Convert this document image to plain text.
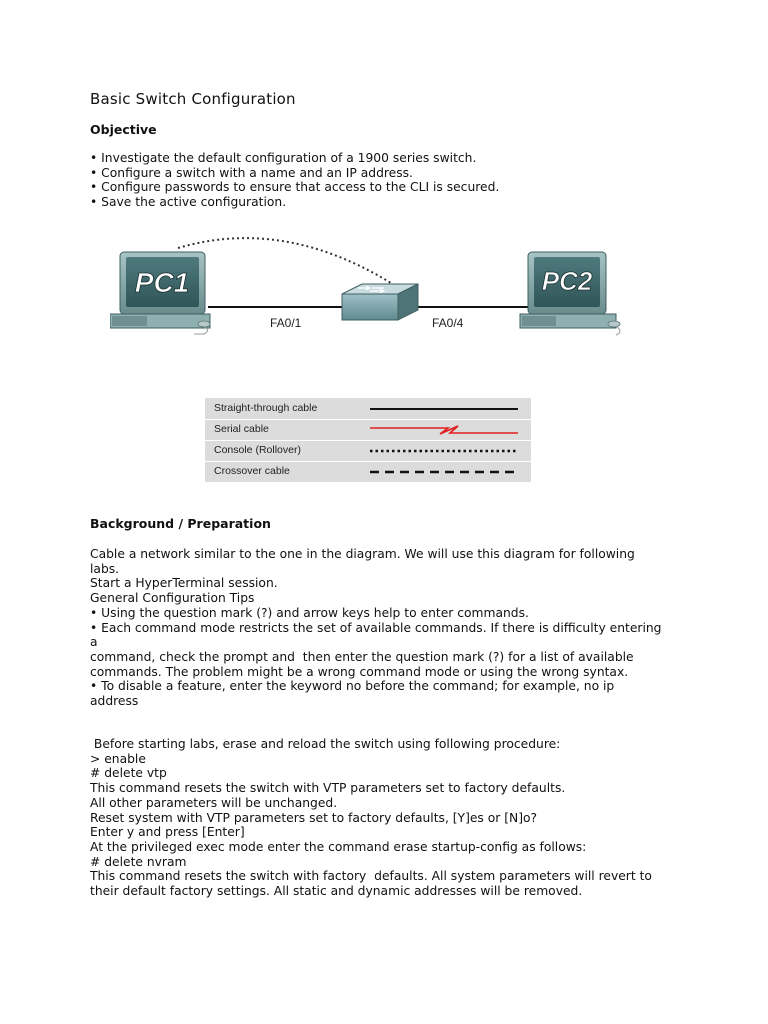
Basic Switch Configuration
Objective
• Investigate the default configuration of a 1900 series switch.
• Configure a switch with a name and an IP address.
• Configure passwords to ensure that access to the CLI is secured.
• Save the active configuration.
PC1	PC2
FA0/1	FA0/4
Straight-through cable
Serial cable
Console (Rollover)
Crossover cable
Background / Preparation
Cable a network similar to the one in the diagram. We will use this diagram for following
labs.
Start a HyperTerminal session.
General Configuration Tips
• Using the question mark (?) and arrow keys help to enter commands.
• Each command mode restricts the set of available commands. If there is difficulty entering
a
command, check the prompt and  then enter the question mark (?) for a list of available
commands. The problem might be a wrong command mode or using the wrong syntax.
• To disable a feature, enter the keyword no before the command; for example, no ip
address
Before starting labs, erase and reload the switch using following procedure:
> enable
# delete vtp
This command resets the switch with VTP parameters set to factory defaults.
All other parameters will be unchanged.
Reset system with VTP parameters set to factory defaults, [Y]es or [N]o?
Enter y and press [Enter]
At the privileged exec mode enter the command erase startup-config as follows:
# delete nvram
This command resets the switch with factory  defaults. All system parameters will revert to
their default factory settings. All static and dynamic addresses will be removed.
